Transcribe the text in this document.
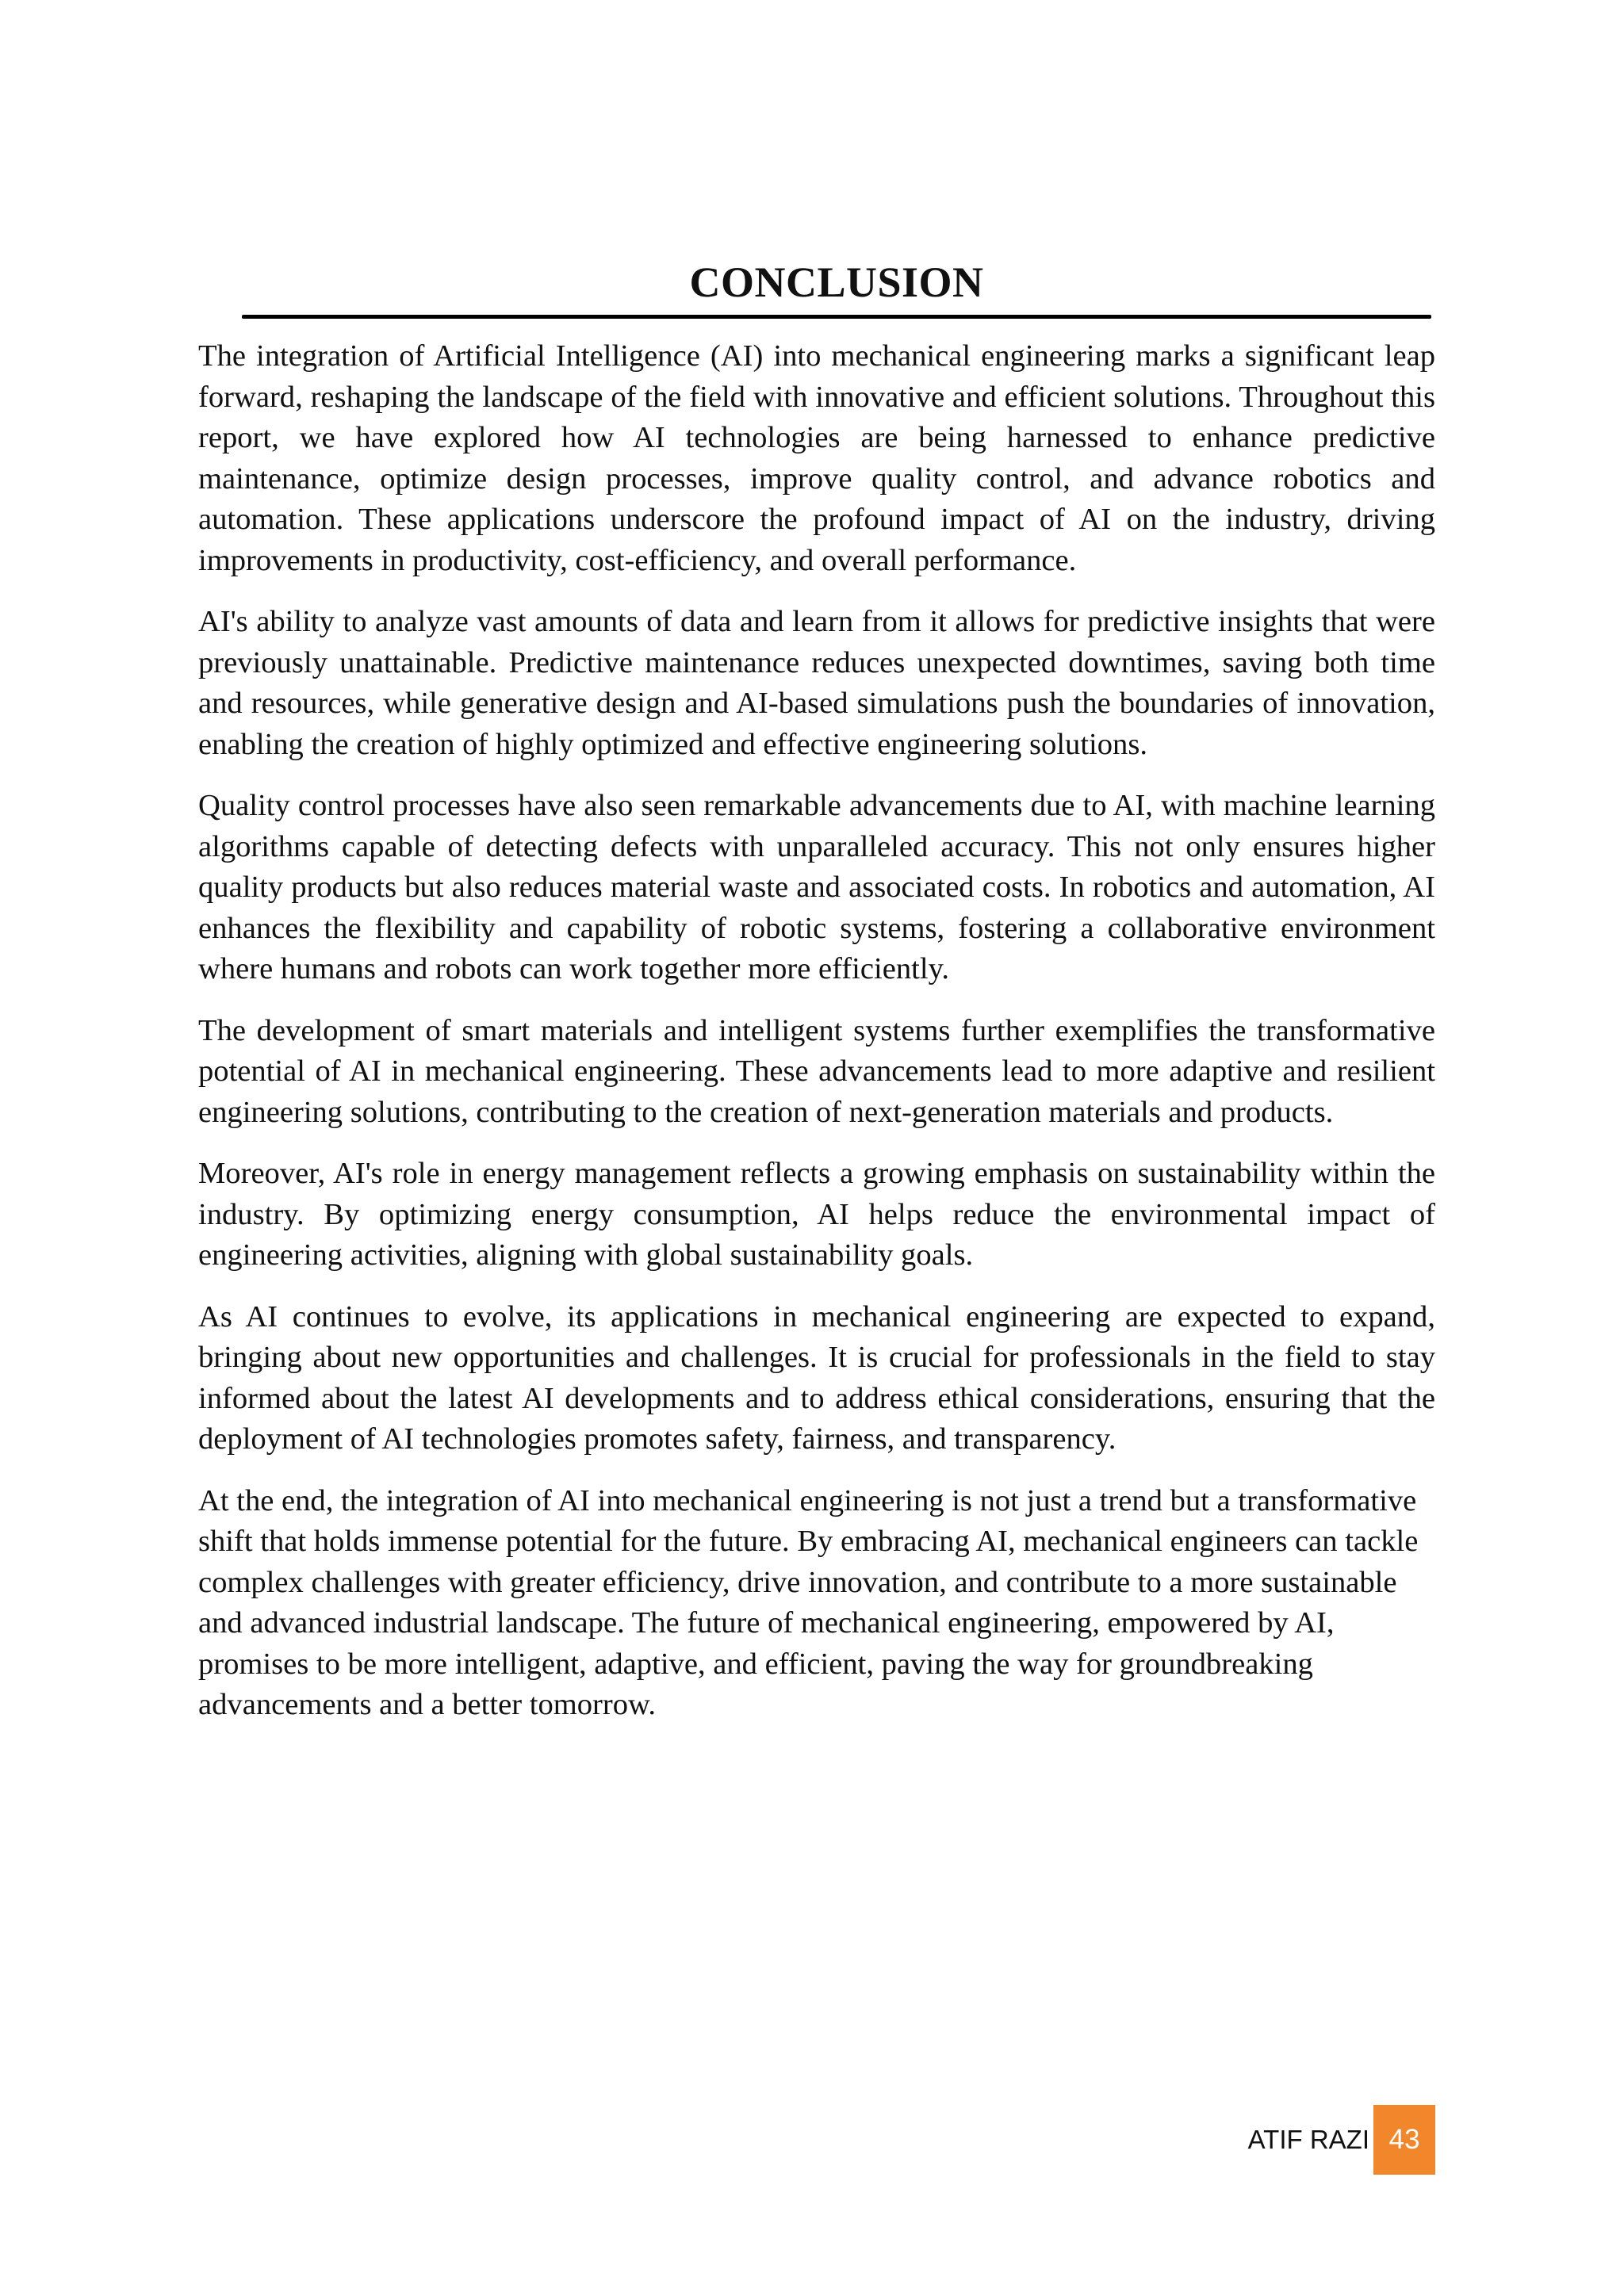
CONCLUSION

The integration of Artificial Intelligence (AI) into mechanical engineering marks a significant leap forward, reshaping the landscape of the field with innovative and efficient solutions. Throughout this report, we have explored how AI technologies are being harnessed to enhance predictive maintenance, optimize design processes, improve quality control, and advance robotics and automation. These applications underscore the profound impact of AI on the industry, driving improvements in productivity, cost-efficiency, and overall performance.

AI's ability to analyze vast amounts of data and learn from it allows for predictive insights that were previously unattainable. Predictive maintenance reduces unexpected downtimes, saving both time and resources, while generative design and AI-based simulations push the boundaries of innovation, enabling the creation of highly optimized and effective engineering solutions.

Quality control processes have also seen remarkable advancements due to AI, with machine learning algorithms capable of detecting defects with unparalleled accuracy. This not only ensures higher quality products but also reduces material waste and associated costs. In robotics and automation, AI enhances the flexibility and capability of robotic systems, fostering a collaborative environment where humans and robots can work together more efficiently.

The development of smart materials and intelligent systems further exemplifies the transformative potential of AI in mechanical engineering. These advancements lead to more adaptive and resilient engineering solutions, contributing to the creation of next-generation materials and products.

Moreover, AI's role in energy management reflects a growing emphasis on sustainability within the industry. By optimizing energy consumption, AI helps reduce the environmental impact of engineering activities, aligning with global sustainability goals.

As AI continues to evolve, its applications in mechanical engineering are expected to expand, bringing about new opportunities and challenges. It is crucial for professionals in the field to stay informed about the latest AI developments and to address ethical considerations, ensuring that the deployment of AI technologies promotes safety, fairness, and transparency.

At the end, the integration of AI into mechanical engineering is not just a trend but a transformative shift that holds immense potential for the future. By embracing AI, mechanical engineers can tackle complex challenges with greater efficiency, drive innovation, and contribute to a more sustainable and advanced industrial landscape. The future of mechanical engineering, empowered by AI, promises to be more intelligent, adaptive, and efficient, paving the way for groundbreaking advancements and a better tomorrow.

ATIF RAZI 43
